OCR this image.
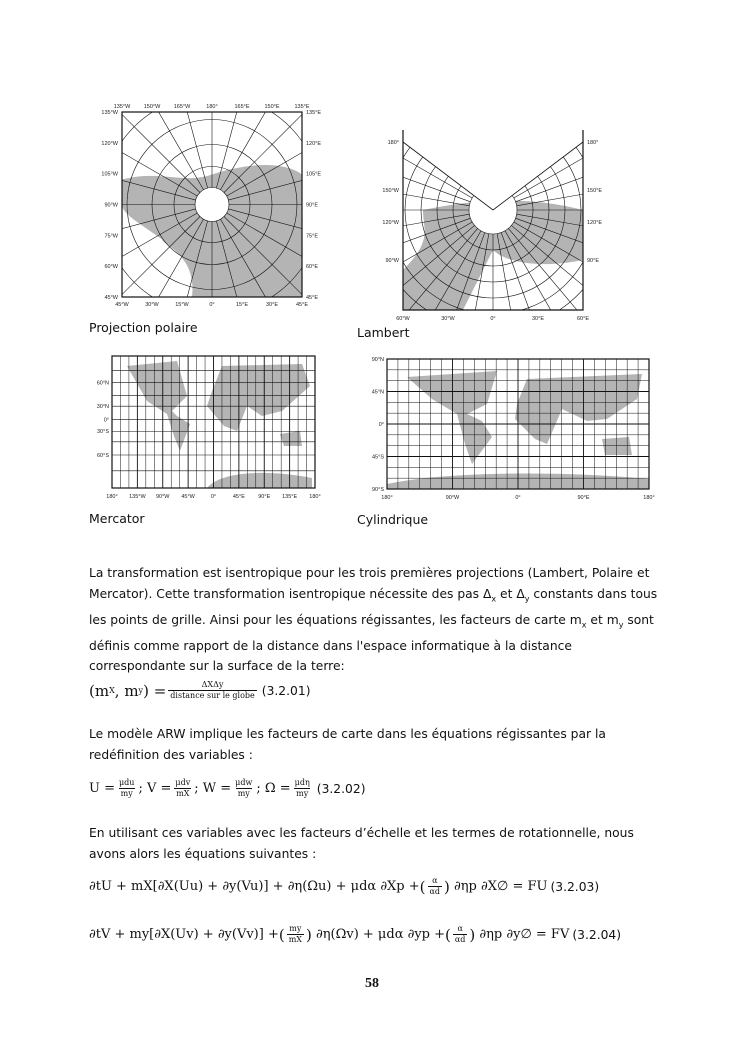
135°W 150°W 165°W	180°	165°E	150°E	135°E
45°W	30°W	15°W	0°	15°E	30°E	45°E
135°W
120°W
105°W
90°W
75°W
60°W
45°W
135°E
120°E
105°E
90°E
75°E
60°E
45°E
Projection polaire
180°	180°
150°W	150°E
120°W	120°E
90°W	90°E
60°W	30°W	0°	30°E	60°E
Lambert
60°N
30°N
0°
30°S
60°S
180° 135°W 90°W 45°W	0°	45°E 90°E 135°E 180°
Mercator
90°N
45°N
0°
45°S
90°S
180°	90°W	0°	90°E	180°
Cylindrique
La transformation est isentropique pour les trois premières projections (Lambert, Polaire et
Mercator). Cette transformation isentropique nécessite des pas $\Delta_x$ et $\Delta_y$ constants dans tous
les points de grille. Ainsi pour les équations régissantes, les facteurs de carte $m_x$ et $m_y$ sont
définis comme rapport de la distance dans l'espace informatique à la distance
correspondante sur la surface de la terre:
(m X , m y ) = $\frac{\text{ΔXΔy}}{\text{distance sur le globe}} (3.2.01)$
Le modèle ARW implique les facteurs de carte dans les équations régissantes par la
redéfinition des variables :
$U = \frac{\text{μdu}}{my}$ ; $V = \frac{\text{μdv}}{mX}$ ; $W = \frac{\text{μdw}}{my}$ ; $\Omega = \frac{\text{μdη}}{my} (3.2.02)$
En utilisant ces variables avec les facteurs d’échelle et les termes de rotationnelle, nous
avons alors les équations suivantes :
∂tU + mX[∂X(Uu) + ∂y(Vu)] + ∂η(Ωu) + μdα ∂Xp + ( $\frac{\alpha}{\alpha d}$ )
∂ηp ∂X∅ = FU (3.2.03)
∂tV + my[∂X(Uv) + ∂y(Vv)] + ( $\frac{my}{mX}$ )
∂η(Ωv) + μdα ∂yp + ( $\frac{\alpha}{\alpha d}$ )
∂ηp ∂y∅ = FV (3.2.04)
58
